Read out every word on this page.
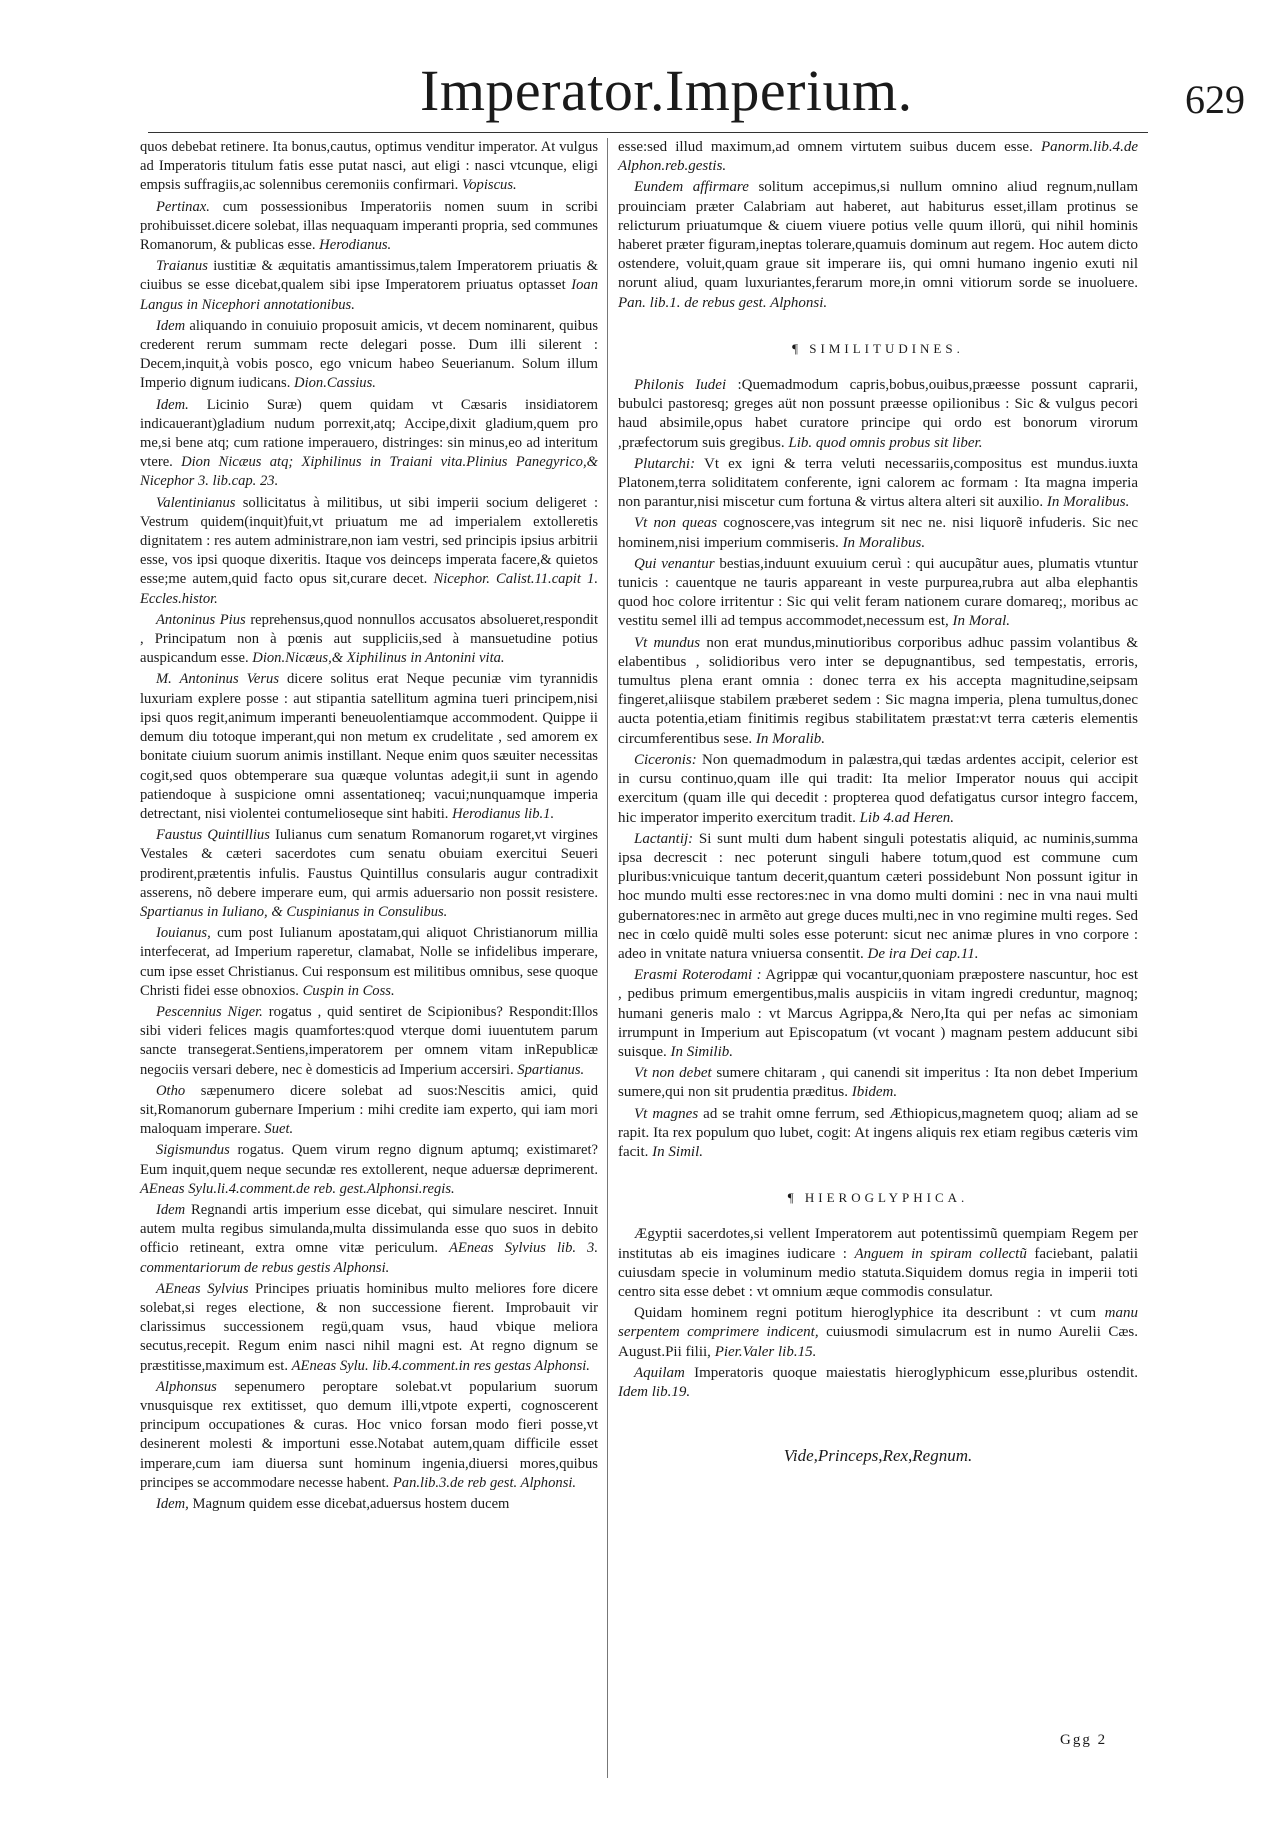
Imperator.Imperium.	629

quos debebat retinere. Ita bonus,cautus, optimus venditur imperator. At vulgus ad Imperatoris titulum fatis esse putat nasci, aut eligi : nasci vtcunque, eligi empsis suffragiis,ac solennibus ceremoniis confirmari. Vopiscus.

Pertinax. cum possessionibus Imperatoriis nomen suum in scribi prohibuisset.dicere solebat, illas nequaquam imperanti propria, sed communes Romanorum, & publicas esse. Herodianus.

Traianus iustitiæ & æquitatis amantissimus,talem Imperatorem priuatis & ciuibus se esse dicebat,qualem sibi ipse Imperatorem priuatus optasset Ioan Langus in Nicephori annotationibus.

Idem aliquando in conuiuio proposuit amicis, vt decem nominarent, quibus crederent rerum summam recte delegari posse. Dum illi silerent : Decem,inquit,à vobis posco, ego vnicum habeo Seuerianum. Solum illum Imperio dignum iudicans. Dion.Cassius.

Idem. Licinio Suræ) quem quidam vt Cæsaris insidiatorem indicauerant)gladium nudum porrexit,atq; Accipe,dixit gladium,quem pro me,si bene atq; cum ratione imperauero, distringes: sin minus,eo ad interitum vtere. Dion Nicæus atq; Xiphilinus in Traiani vita.Plinius Panegyrico,& Nicephor 3. lib.cap. 23.

Valentinianus sollicitatus à militibus, ut sibi imperii socium deligeret : Vestrum quidem(inquit)fuit,vt priuatum me ad imperialem extolleretis dignitatem : res autem administrare,non iam vestri, sed principis ipsius arbitrii esse, vos ipsi quoque dixeritis. Itaque vos deinceps imperata facere,& quietos esse;me autem,quid facto opus sit,curare decet. Nicephor. Calist.11.capit 1. Eccles.histor.

Antoninus Pius reprehensus,quod nonnullos accusatos absolueret,respondit , Principatum non à pœnis aut suppliciis,sed à mansuetudine potius auspicandum esse. Dion.Nicæus,& Xiphilinus in Antonini vita.

M. Antoninus Verus dicere solitus erat Neque pecuniæ vim tyrannidis luxuriam explere posse : aut stipantia satellitum agmina tueri principem,nisi ipsi quos regit,animum imperanti beneuolentiamque accommodent. Quippe ii demum diu totoque imperant,qui non metum ex crudelitate , sed amorem ex bonitate ciuium suorum animis instillant. Neque enim quos sæuiter necessitas cogit,sed quos obtemperare sua quæque voluntas adegit,ii sunt in agendo patiendoque à suspicione omni assentationeq; vacui;nunquamque imperia detrectant, nisi violentei contumelioseque sint habiti. Herodianus lib.1.

Faustus Quintillius Iulianus cum senatum Romanorum rogaret,vt virgines Vestales & cæteri sacerdotes cum senatu obuiam exercitui Seueri prodirent,prætentis infulis. Faustus Quintillus consularis augur contradixit asserens, nõ debere imperare eum, qui armis aduersario non possit resistere. Spartianus in Iuliano, & Cuspinianus in Consulibus.

Iouianus, cum post Iulianum apostatam,qui aliquot Christianorum millia interfecerat, ad Imperium raperetur, clamabat, Nolle se infidelibus imperare, cum ipse esset Christianus. Cui responsum est militibus omnibus, sese quoque Christi fidei esse obnoxios. Cuspin in Coss.

Pescennius Niger. rogatus , quid sentiret de Scipionibus? Respondit:Illos sibi videri felices magis quamfortes:quod vterque domi iuuentutem parum sancte transegerat.Sentiens,imperatorem per omnem vitam inRepublicæ negociis versari debere, nec è domesticis ad Imperium accersiri. Spartianus.

Otho sæpenumero dicere solebat ad suos:Nescitis amici, quid sit,Romanorum gubernare Imperium : mihi credite iam experto, qui iam mori maloquam imperare. Suet.

Sigismundus rogatus. Quem virum regno dignum aptumq; existimaret? Eum inquit,quem neque secundæ res extollerent, neque aduersæ deprimerent. AEneas Sylu.li.4.comment.de reb. gest.Alphonsi.regis.

Idem Regnandi artis imperium esse dicebat, qui simulare nesciret. Innuit autem multa regibus simulanda,multa dissimulanda esse quo suos in debito officio retineant, extra omne vitæ periculum. AEneas Sylvius lib. 3. commentariorum de rebus gestis Alphonsi.

AEneas Sylvius Principes priuatis hominibus multo meliores fore dicere solebat,si reges electione, & non successione fierent. Improbauit vir clarissimus successionem regü,quam vsus, haud vbique meliora secutus,recepit. Regum enim nasci nihil magni est. At regno dignum se præstitisse,maximum est. AEneas Sylu. lib.4.comment.in res gestas Alphonsi.

Alphonsus sepenumero peroptare solebat.vt popularium suorum vnusquisque rex extitisset, quo demum illi,vtpote experti, cognoscerent principum occupationes & curas. Hoc vnico forsan modo fieri posse,vt desinerent molesti & importuni esse.Notabat autem,quam difficile esset imperare,cum iam diuersa sunt hominum ingenia,diuersi mores,quibus principes se accommodare necesse habent. Pan.lib.3.de reb gest. Alphonsi.

Idem, Magnum quidem esse dicebat,aduersus hostem ducem

esse:sed illud maximum,ad omnem virtutem suibus ducem esse. Panorm.lib.4.de Alphon.reb.gestis.

Eundem affirmare solitum accepimus,si nullum omnino aliud regnum,nullam prouinciam præter Calabriam aut haberet, aut habiturus esset,illam protinus se relicturum priuatumque & ciuem viuere potius velle quum illorü, qui nihil hominis haberet præter figuram,ineptas tolerare,quamuis dominum aut regem. Hoc autem dicto ostendere, voluit,quam graue sit imperare iis, qui omni humano ingenio exuti nil norunt aliud, quam luxuriantes,ferarum more,in omni vitiorum sorde se inuoluere. Pan. lib.1. de rebus gest. Alphonsi.

¶ SIMILITUDINES.

Philonis Iudei :Quemadmodum capris,bobus,ouibus,præesse possunt caprarii, bubulci pastoresq; greges aüt non possunt præesse opilionibus : Sic & vulgus pecori haud absimile,opus habet curatore principe qui ordo est bonorum virorum ,præfectorum suis gregibus. Lib. quod omnis probus sit liber.

Plutarchi: Vt ex igni & terra veluti necessariis,compositus est mundus.iuxta Platonem,terra soliditatem conferente, igni calorem ac formam : Ita magna imperia non parantur,nisi miscetur cum fortuna & virtus altera alteri sit auxilio. In Moralibus.

Vt non queas cognoscere,vas integrum sit nec ne. nisi liquorẽ infuderis. Sic nec hominem,nisi imperium commiseris. In Moralibus.

Qui venantur bestias,induunt exuuium ceruì : qui aucupãtur aues, plumatis vtuntur tunicis : cauentque ne tauris appareant in veste purpurea,rubra aut alba elephantis quod hoc colore irritentur : Sic qui velit feram nationem curare domareq;, moribus ac vestitu semel illi ad tempus accommodet,necessum est, In Moral.

Vt mundus non erat mundus,minutioribus corporibus adhuc passim volantibus & elabentibus , solidioribus vero inter se depugnantibus, sed tempestatis, erroris, tumultus plena erant omnia : donec terra ex his accepta magnitudine,seipsam fingeret,aliisque stabilem præberet sedem : Sic magna imperia, plena tumultus,donec aucta potentia,etiam finitimis regibus stabilitatem præstat:vt terra cæteris elementis circumferentibus sese. In Moralib.

Ciceronis: Non quemadmodum in palæstra,qui tædas ardentes accipit, celerior est in cursu continuo,quam ille qui tradit: Ita melior Imperator nouus qui accipit exercitum (quam ille qui decedit : propterea quod defatigatus cursor integro faccem, hic imperator imperito exercitum tradit. Lib 4.ad Heren.

Lactantij: Si sunt multi dum habent singuli potestatis aliquid, ac numinis,summa ipsa decrescit : nec poterunt singuli habere totum,quod est commune cum pluribus:vnicuique tantum decerit,quantum cæteri possidebunt Non possunt igitur in hoc mundo multi esse rectores:nec in vna domo multi domini : nec in vna naui multi gubernatores:nec in armẽto aut grege duces multi,nec in vno regimine multi reges. Sed nec in cœlo quidẽ multi soles esse poterunt: sicut nec animæ plures in vno corpore : adeo in vnitate natura vniuersa consentit. De ira Dei cap.11.

Erasmi Roterodami : Agrippæ qui vocantur,quoniam præpostere nascuntur, hoc est , pedibus primum emergentibus,malis auspiciis in vitam ingredi creduntur, magnoq; humani generis malo : vt Marcus Agrippa,& Nero,Ita qui per nefas ac simoniam irrumpunt in Imperium aut Episcopatum (vt vocant ) magnam pestem adducunt sibi suisque. In Similib.

Vt non debet sumere chitaram , qui canendi sit imperitus : Ita non debet Imperium sumere,qui non sit prudentia præditus. Ibidem.

Vt magnes ad se trahit omne ferrum, sed Æthiopicus,magnetem quoq; aliam ad se rapit. Ita rex populum quo lubet, cogit: At ingens aliquis rex etiam regibus cæteris vim facit. In Simil.

¶ HIEROGLYPHICA.

Ægyptii sacerdotes,si vellent Imperatorem aut potentissimũ quempiam Regem per institutas ab eis imagines iudicare : Anguem in spiram collectũ faciebant, palatii cuiusdam specie in voluminum medio statuta.Siquidem domus regia in imperii toti centro sita esse debet : vt omnium æque commodis consulatur.

Quidam hominem regni potitum hieroglyphice ita describunt : vt cum manu serpentem comprimere indicent, cuiusmodi simulacrum est in numo Aurelii Cæs. August.Pii filii, Pier.Valer lib.15.

Aquilam Imperatoris quoque maiestatis hieroglyphicum esse,pluribus ostendit. Idem lib.19.

Vide,Princeps,Rex,Regnum.
Ggg 2
